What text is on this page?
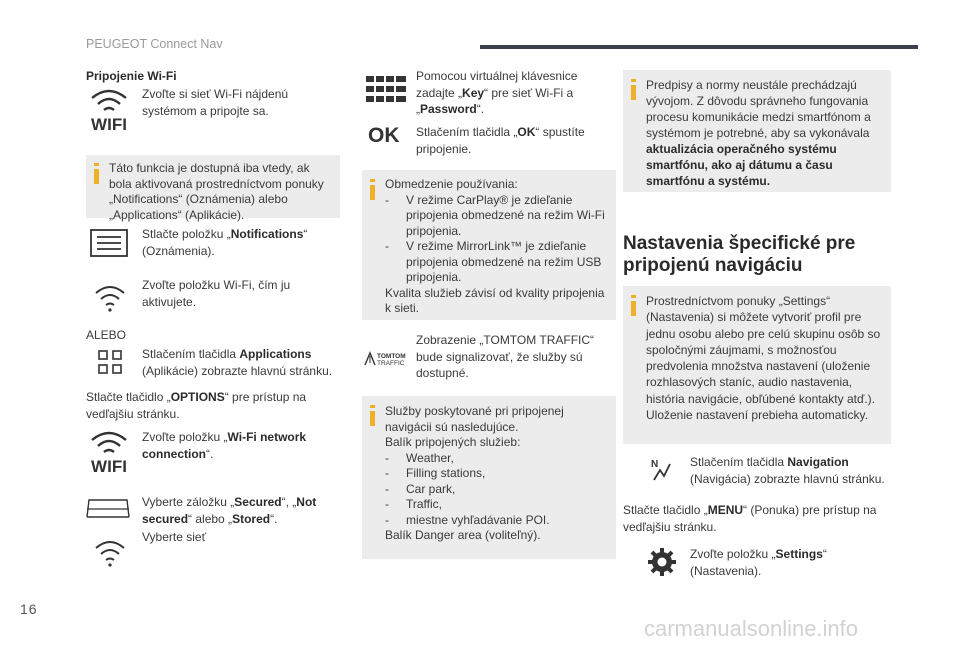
PEUGEOT Connect Nav
Pripojenie Wi-Fi
WIFI
Zvoľte si sieť Wi-Fi nájdenú systémom a pripojte sa.
Táto funkcia je dostupná iba vtedy, ak bola aktivovaná prostredníctvom ponuky „Notifications“ (Oznámenia) alebo „Applications“ (Aplikácie).
Stlačte položku „Notifications“ (Oznámenia).
Zvoľte položku Wi-Fi, čím ju aktivujete.
ALEBO
Stlačením tlačidla Applications (Aplikácie) zobrazte hlavnú stránku.
Stlačte tlačidlo „OPTIONS“ pre prístup na vedľajšiu stránku.
WIFI
Zvoľte položku „Wi-Fi network connection“.
Vyberte záložku „Secured“, „Not secured“ alebo „Stored“.
Vyberte sieť
Pomocou virtuálnej klávesnice zadajte „Key“ pre sieť Wi-Fi a „Password“.
OK Stlačením tlačidla „OK“ spustíte pripojenie.
Obmedzenie používania:
- V režime CarPlay® je zdieľanie pripojenia obmedzené na režim Wi-Fi pripojenia.
- V režime MirrorLink™ je zdieľanie pripojenia obmedzené na režim USB pripojenia.
Kvalita služieb závisí od kvality pripojenia k sieti.
TOMTOM
TRAFFIC
Zobrazenie „TOMTOM TRAFFIC“ bude signalizovať, že služby sú dostupné.
Služby poskytované pri pripojenej navigácii sú nasledujúce.
Balík pripojených služieb:
- Weather,
- Filling stations,
- Car park,
- Traffic,
- miestne vyhľadávanie POI.
Balík Danger area (voliteľný).
Predpisy a normy neustále prechádzajú vývojom. Z dôvodu správneho fungovania procesu komunikácie medzi smartfónom a systémom je potrebné, aby sa vykonávala aktualizácia operačného systému smartfónu, ako aj dátumu a času smartfónu a systému.
Nastavenia špecifické pre pripojenú navigáciu
Prostredníctvom ponuky „Settings“ (Nastavenia) si môžete vytvoriť profil pre jednu osobu alebo pre celú skupinu osôb so spoločnými záujmami, s možnosťou predvolenia množstva nastavení (uloženie rozhlasových staníc, audio nastavenia, história navigácie, obľúbené kontakty atď.). Uloženie nastavení prebieha automaticky.
N	Stlačením tlačidla Navigation (Navigácia) zobrazte hlavnú stránku.
Stlačte tlačidlo „MENU“ (Ponuka) pre prístup na vedľajšiu stránku.
Zvoľte položku „Settings“ (Nastavenia).
16
carmanualsonline.info
